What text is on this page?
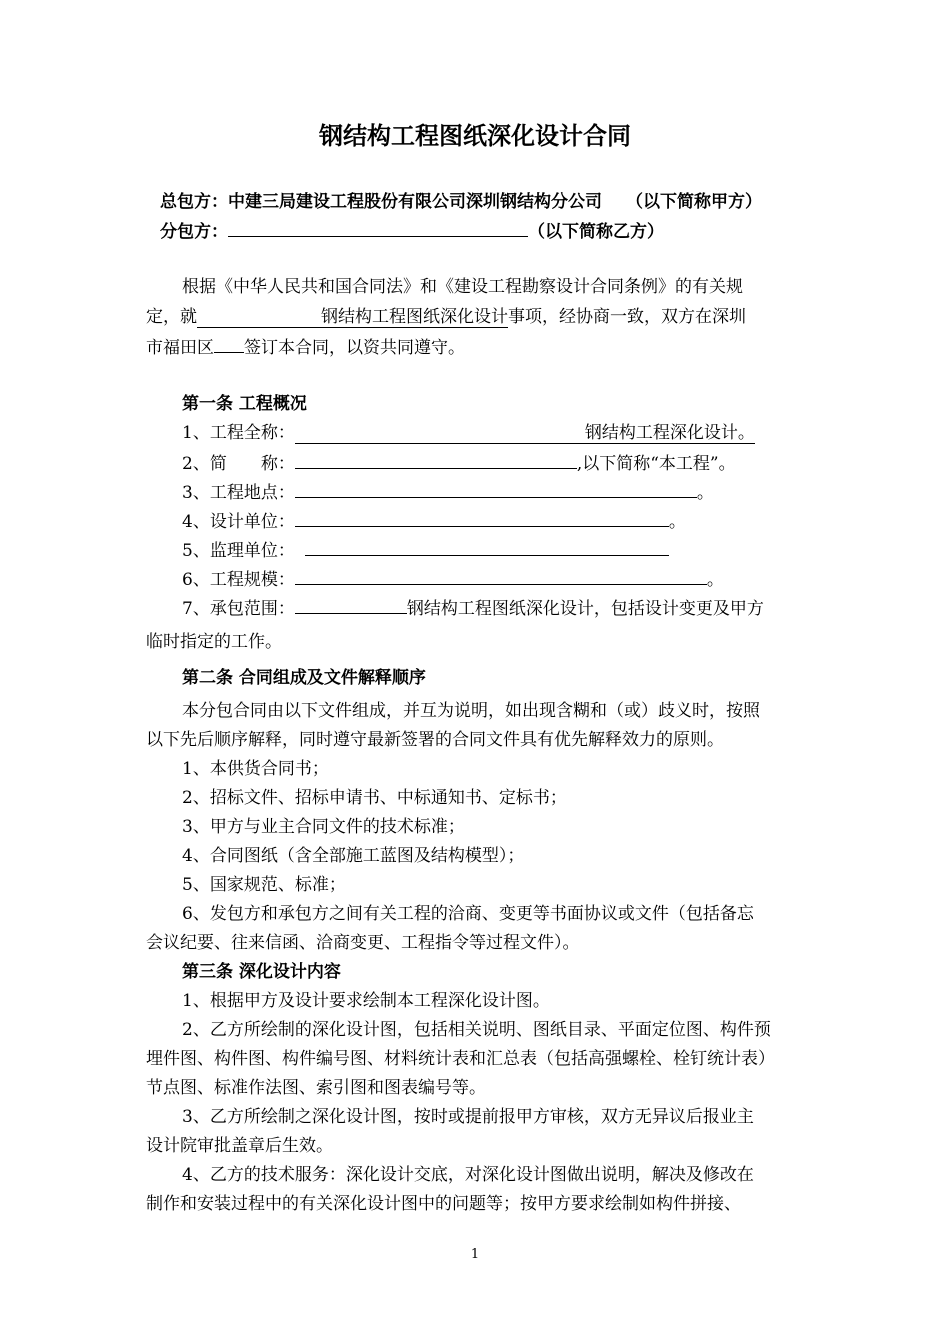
钢结构工程图纸深化设计合同
总包方：中建三局建设工程股份有限公司深圳钢结构分公司 （以下简称甲方）
分包方：	（以下简称乙方）
根据《中华人民共和国合同法》和《建设工程勘察设计合同条例》的有关规
定，就	钢结构工程图纸深化设计事项，经协商一致，双方在深圳
市福田区 签订本合同，以资共同遵守。
第一条 工程概况
1、工程全称：	钢结构工程深化设计。
2、简　　称：	,以下简称“本工程”。
3、工程地点：	。
4、设计单位：	。
5、监理单位：
6、工程规模：	。
7、承包范围：	钢结构工程图纸深化设计，包括设计变更及甲方
临时指定的工作。
第二条 合同组成及文件解释顺序
本分包合同由以下文件组成，并互为说明，如出现含糊和（或）歧义时，按照
以下先后顺序解释，同时遵守最新签署的合同文件具有优先解释效力的原则。
1、本供货合同书；
2、招标文件、招标申请书、中标通知书、定标书；
3、甲方与业主合同文件的技术标准；
4、合同图纸（含全部施工蓝图及结构模型）；
5、国家规范、标准；
6、发包方和承包方之间有关工程的洽商、变更等书面协议或文件（包括备忘
会议纪要、往来信函、洽商变更、工程指令等过程文件）。
第三条 深化设计内容
1、根据甲方及设计要求绘制本工程深化设计图。
2、乙方所绘制的深化设计图，包括相关说明、图纸目录、平面定位图、构件预
埋件图、构件图、构件编号图、材料统计表和汇总表（包括高强螺栓、栓钉统计表）
节点图、标准作法图、索引图和图表编号等。
3、乙方所绘制之深化设计图，按时或提前报甲方审核，双方无异议后报业主
设计院审批盖章后生效。
4、乙方的技术服务：深化设计交底，对深化设计图做出说明，解决及修改在
制作和安装过程中的有关深化设计图中的问题等；按甲方要求绘制如构件拼接、
1
